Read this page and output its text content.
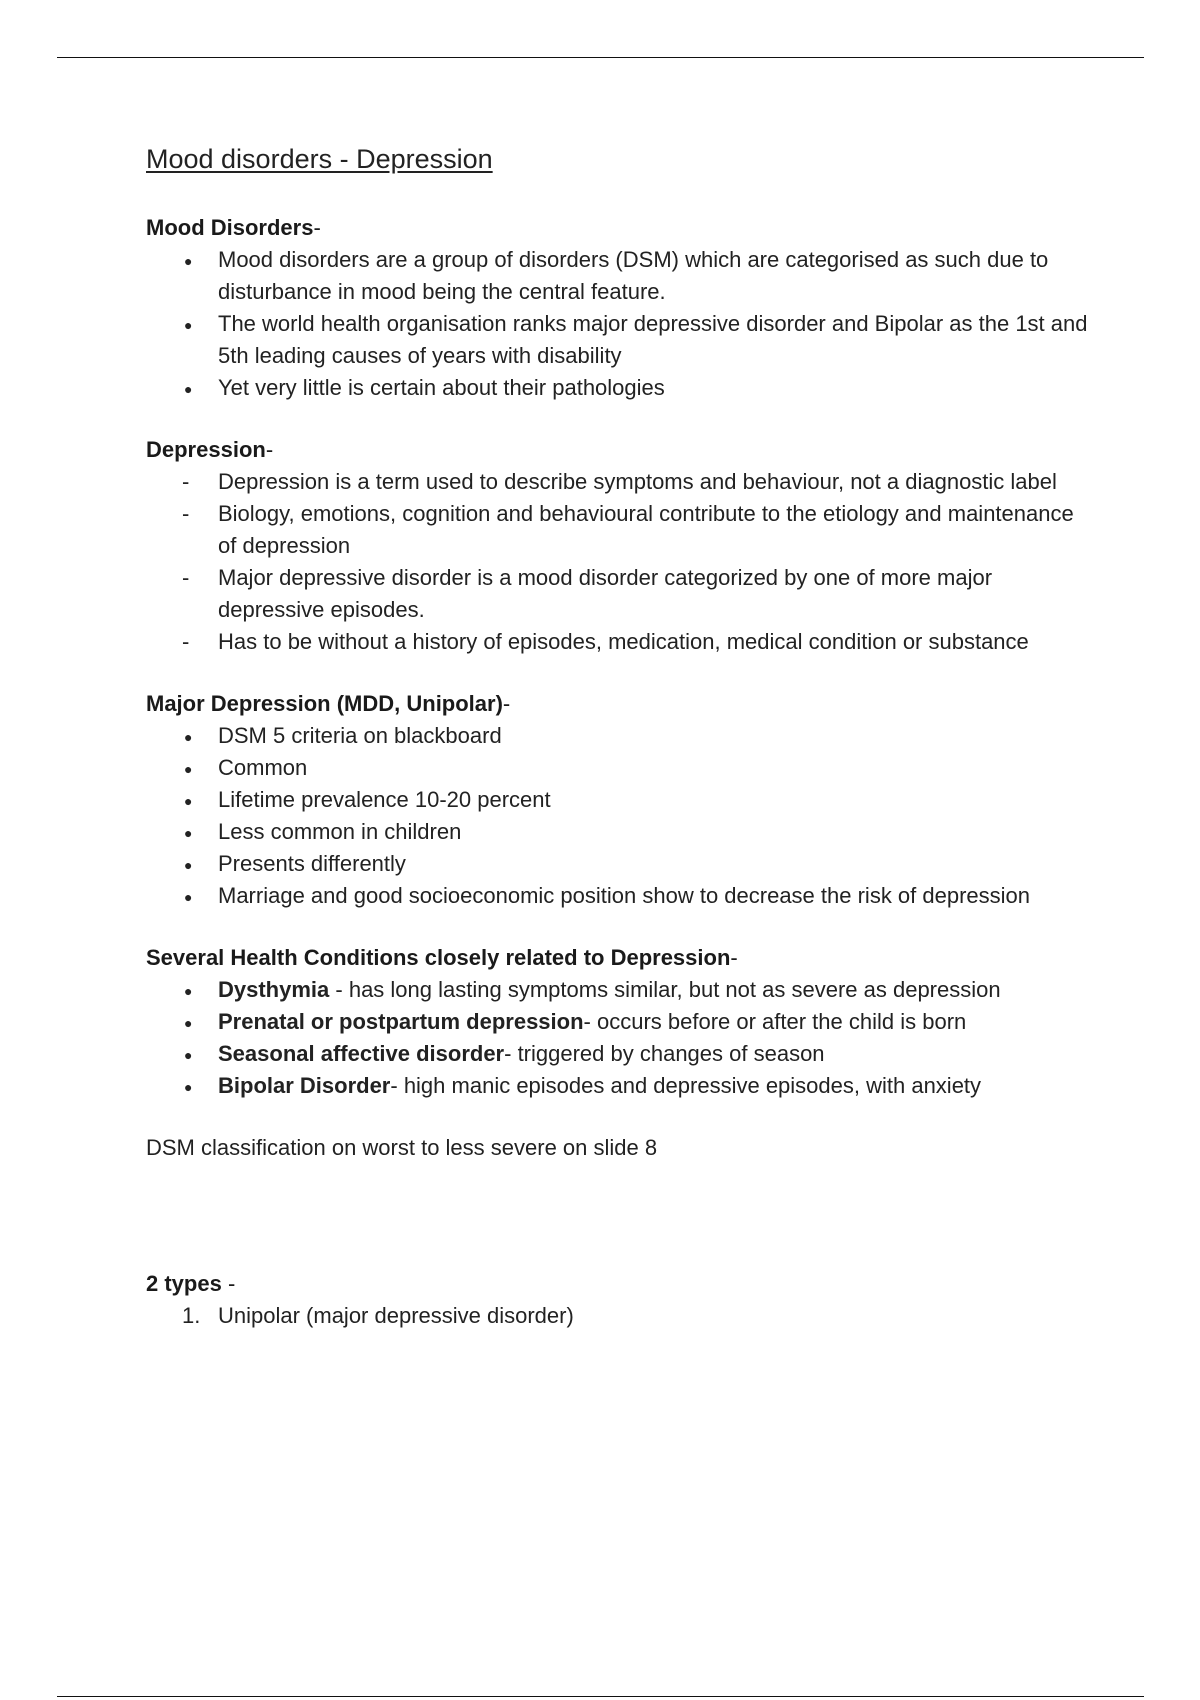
Mood disorders - Depression

Mood Disorders-

●	Mood disorders are a group of disorders (DSM) which are categorised as such due to disturbance in mood being the central feature.
●	The world health organisation ranks major depressive disorder and Bipolar as the 1st and 5th leading causes of years with disability
●	Yet very little is certain about their pathologies

Depression-

-	Depression is a term used to describe symptoms and behaviour, not a diagnostic label
-	Biology, emotions, cognition and behavioural contribute to the etiology and maintenance of depression
-	Major depressive disorder is a mood disorder categorized by one of more major depressive episodes.
-	Has to be without a history of episodes, medication, medical condition or substance

Major Depression (MDD, Unipolar)-

●	DSM 5 criteria on blackboard
●	Common
●	Lifetime prevalence 10-20 percent
●	Less common in children
●	Presents differently
●	Marriage and good socioeconomic position show to decrease the risk of depression

Several Health Conditions closely related to Depression-

●	Dysthymia - has long lasting symptoms similar, but not as severe as depression
●	Prenatal or postpartum depression- occurs before or after the child is born
●	Seasonal affective disorder- triggered by changes of season
●	Bipolar Disorder- high manic episodes and depressive episodes, with anxiety

DSM classification on worst to less severe on slide 8

2 types -

1. Unipolar (major depressive disorder)
